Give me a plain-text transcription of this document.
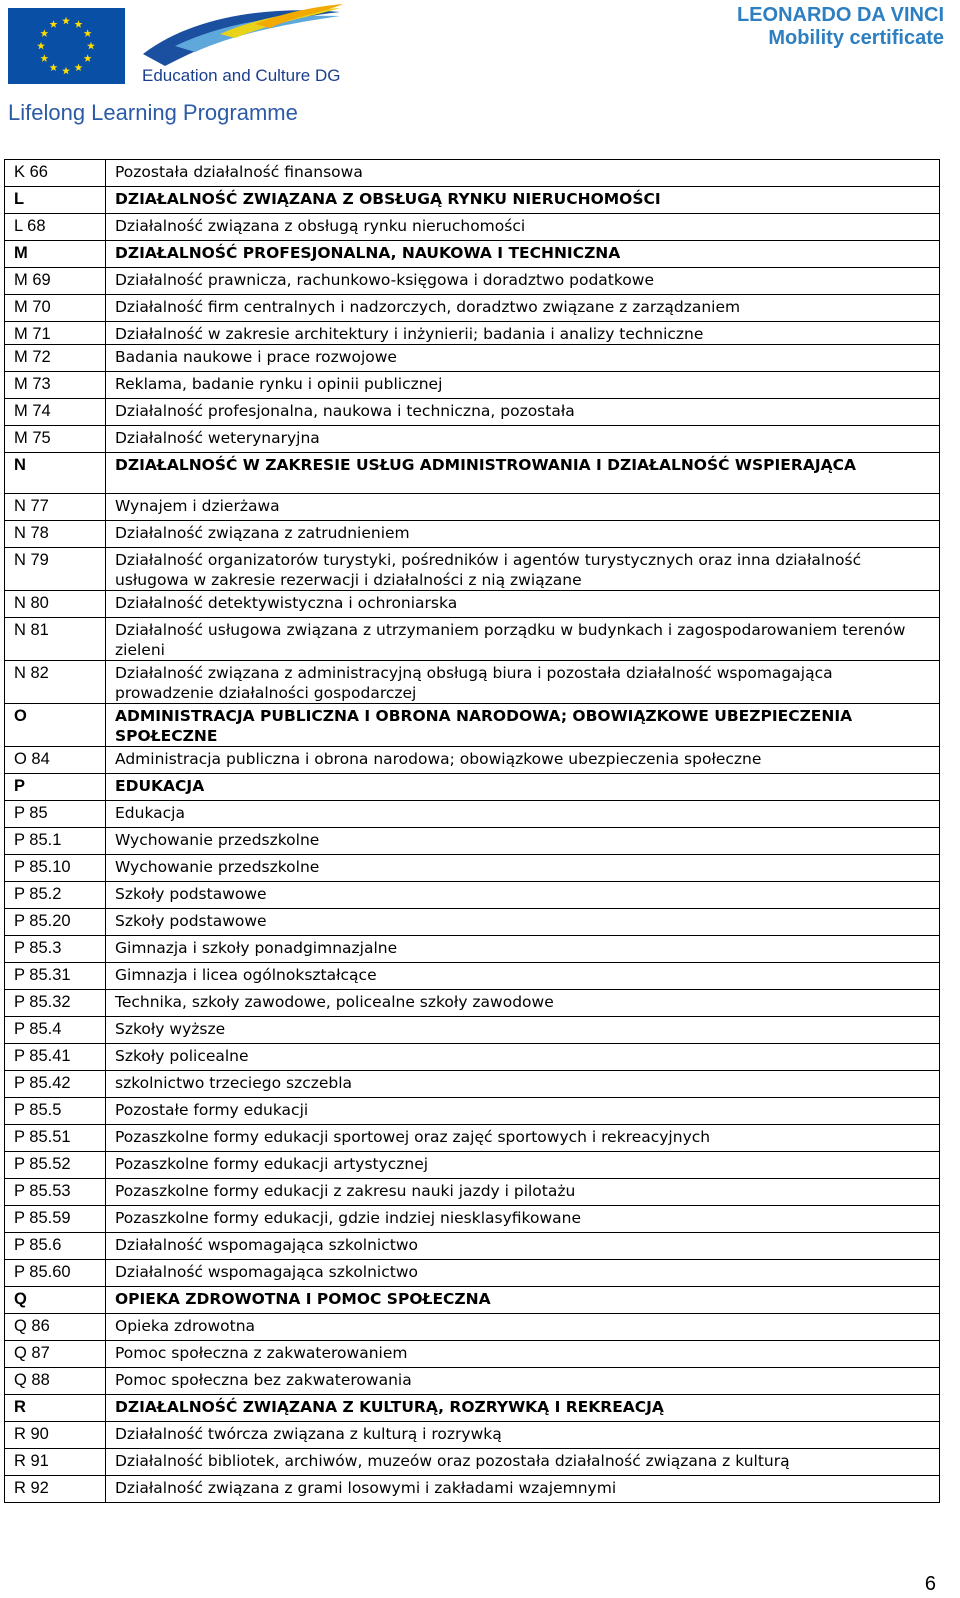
Education and Culture DG
Lifelong Learning Programme
LEONARDO DA VINCI
Mobility certificate
K 66	Pozostała działalność finansowa
L	DZIAŁALNOŚĆ ZWIĄZANA Z OBSŁUGĄ RYNKU NIERUCHOMOŚCI
L 68	Działalność związana z obsługą rynku nieruchomości
M	DZIAŁALNOŚĆ PROFESJONALNA, NAUKOWA I TECHNICZNA
M 69	Działalność prawnicza, rachunkowo-księgowa i doradztwo podatkowe
M 70	Działalność firm centralnych i nadzorczych, doradztwo związane z zarządzaniem
M 71	Działalność w zakresie architektury i inżynierii; badania i analizy techniczne
M 72	Badania naukowe i prace rozwojowe
M 73	Reklama, badanie rynku i opinii publicznej
M 74	Działalność profesjonalna, naukowa i techniczna, pozostała
M 75	Działalność weterynaryjna
N	DZIAŁALNOŚĆ W ZAKRESIE USŁUG ADMINISTROWANIA I DZIAŁALNOŚĆ WSPIERAJĄCA
N 77	Wynajem i dzierżawa
N 78	Działalność związana z zatrudnieniem
N 79	Działalność organizatorów turystyki, pośredników i agentów turystycznych oraz inna działalność usługowa w zakresie rezerwacji i działalności z nią związane
N 80	Działalność detektywistyczna i ochroniarska
N 81	Działalność usługowa związana z utrzymaniem porządku w budynkach i zagospodarowaniem terenów zieleni
N 82	Działalność związana z administracyjną obsługą biura i pozostała działalność wspomagająca prowadzenie działalności gospodarczej
O	ADMINISTRACJA PUBLICZNA I OBRONA NARODOWA; OBOWIĄZKOWE UBEZPIECZENIA SPOŁECZNE
O 84	Administracja publiczna i obrona narodowa; obowiązkowe ubezpieczenia społeczne
P	EDUKACJA
P 85	Edukacja
P 85.1	Wychowanie przedszkolne
P 85.10	Wychowanie przedszkolne
P 85.2	Szkoły podstawowe
P 85.20	Szkoły podstawowe
P 85.3	Gimnazja i szkoły ponadgimnazjalne
P 85.31	Gimnazja i licea ogólnokształcące
P 85.32	Technika, szkoły zawodowe, policealne szkoły zawodowe
P 85.4	Szkoły wyższe
P 85.41	Szkoły policealne
P 85.42	szkolnictwo trzeciego szczebla
P 85.5	Pozostałe formy edukacji
P 85.51	Pozaszkolne formy edukacji sportowej oraz zajęć sportowych i rekreacyjnych
P 85.52	Pozaszkolne formy edukacji artystycznej
P 85.53	Pozaszkolne formy edukacji z zakresu nauki jazdy i pilotażu
P 85.59	Pozaszkolne formy edukacji, gdzie indziej niesklasyfikowane
P 85.6	Działalność wspomagająca szkolnictwo
P 85.60	Działalność wspomagająca szkolnictwo
Q	OPIEKA ZDROWOTNA I POMOC SPOŁECZNA
Q 86	Opieka zdrowotna
Q 87	Pomoc społeczna z zakwaterowaniem
Q 88	Pomoc społeczna bez zakwaterowania
R	DZIAŁALNOŚĆ ZWIĄZANA Z KULTURĄ, ROZRYWKĄ I REKREACJĄ
R 90	Działalność twórcza związana z kulturą i rozrywką
R 91	Działalność bibliotek, archiwów, muzeów oraz pozostała działalność związana z kulturą
R 92	Działalność związana z grami losowymi i zakładami wzajemnymi
6
